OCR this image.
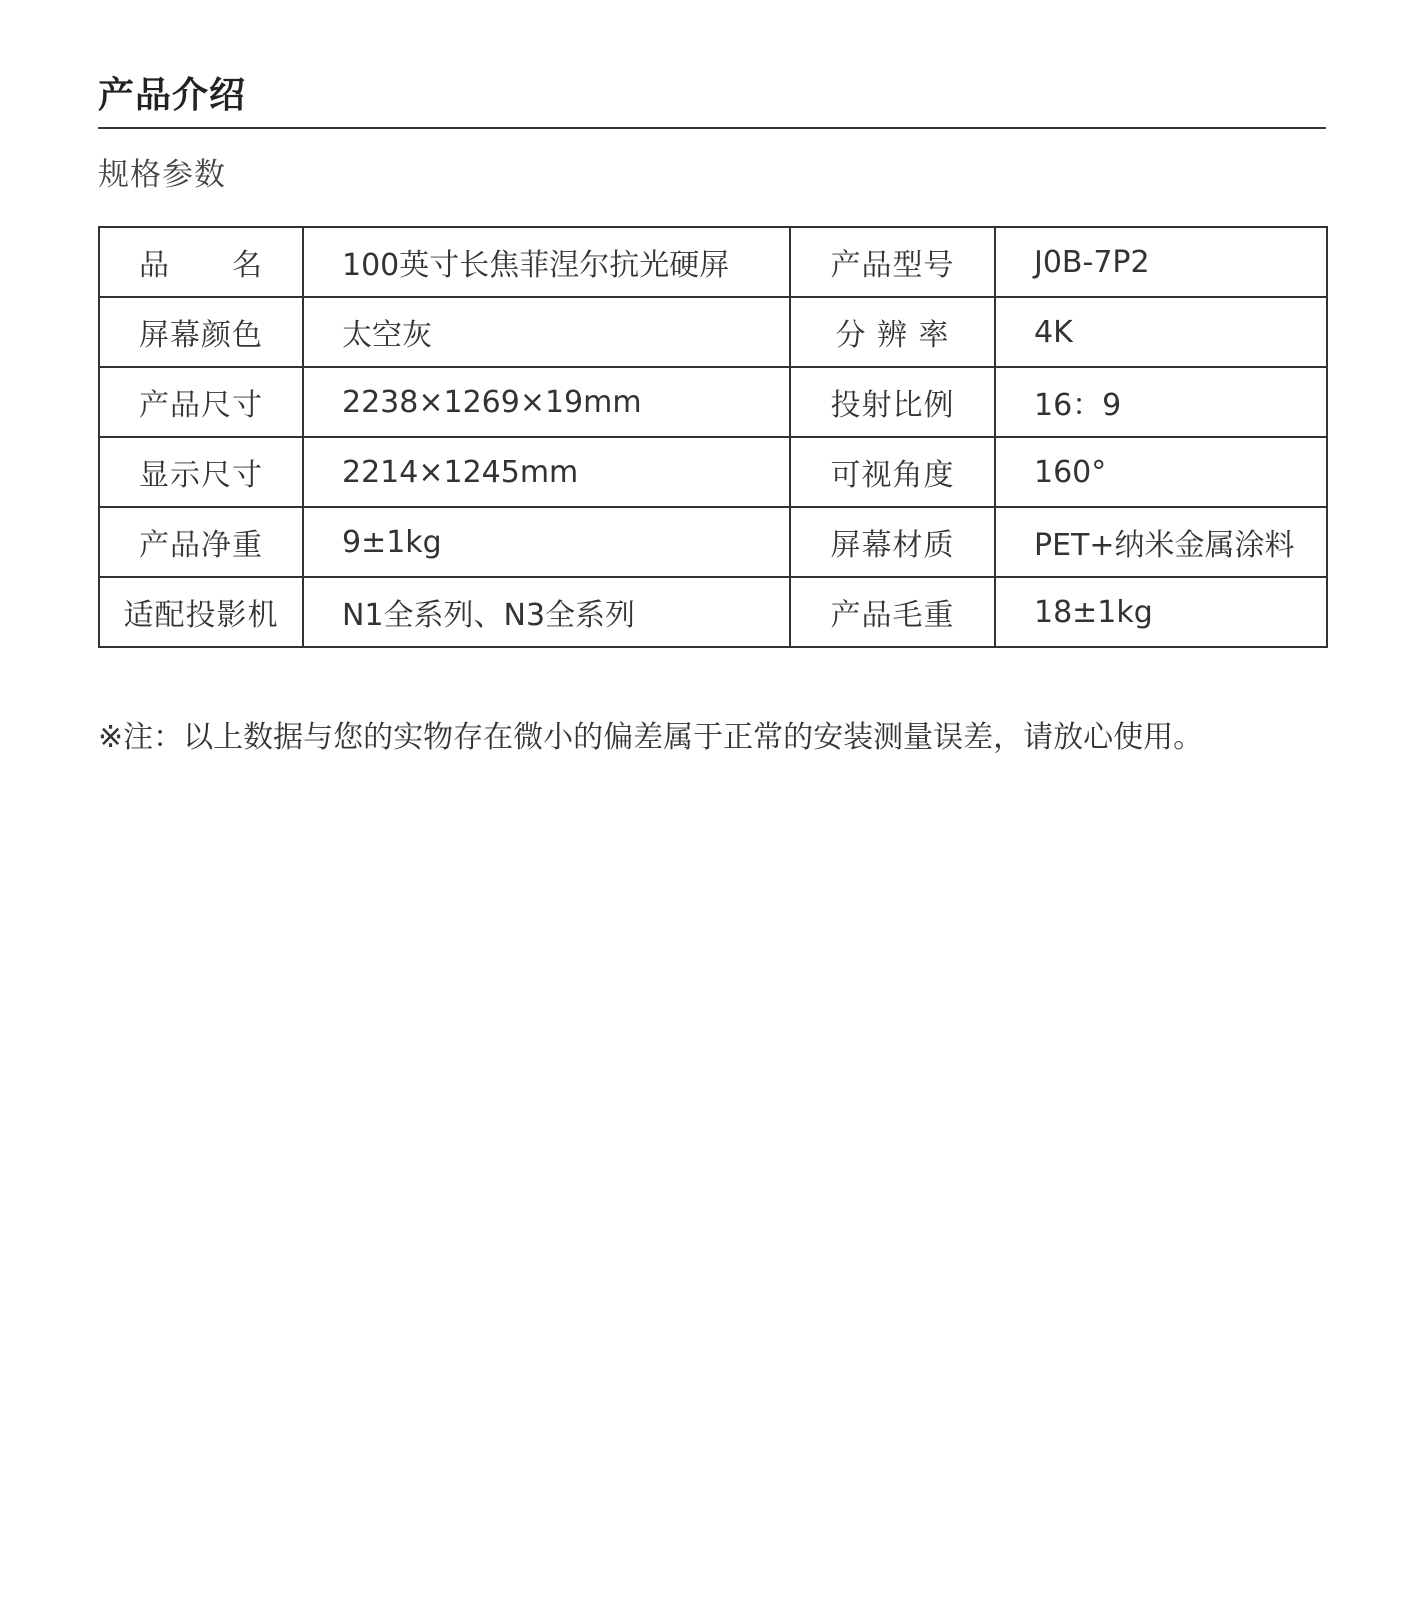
产品介绍
规格参数
品　　名	100英寸长焦菲涅尔抗光硬屏	产品型号	J0B-7P2
屏幕颜色	太空灰	分 辨 率	4K
产品尺寸	2238×1269×19mm	投射比例	16：9
显示尺寸	2214×1245mm	可视角度	160°
产品净重	9±1kg	屏幕材质	PET+纳米金属涂料
适配投影机	N1全系列、N3全系列	产品毛重	18±1kg
※注：以上数据与您的实物存在微小的偏差属于正常的安装测量误差，请放心使用。
